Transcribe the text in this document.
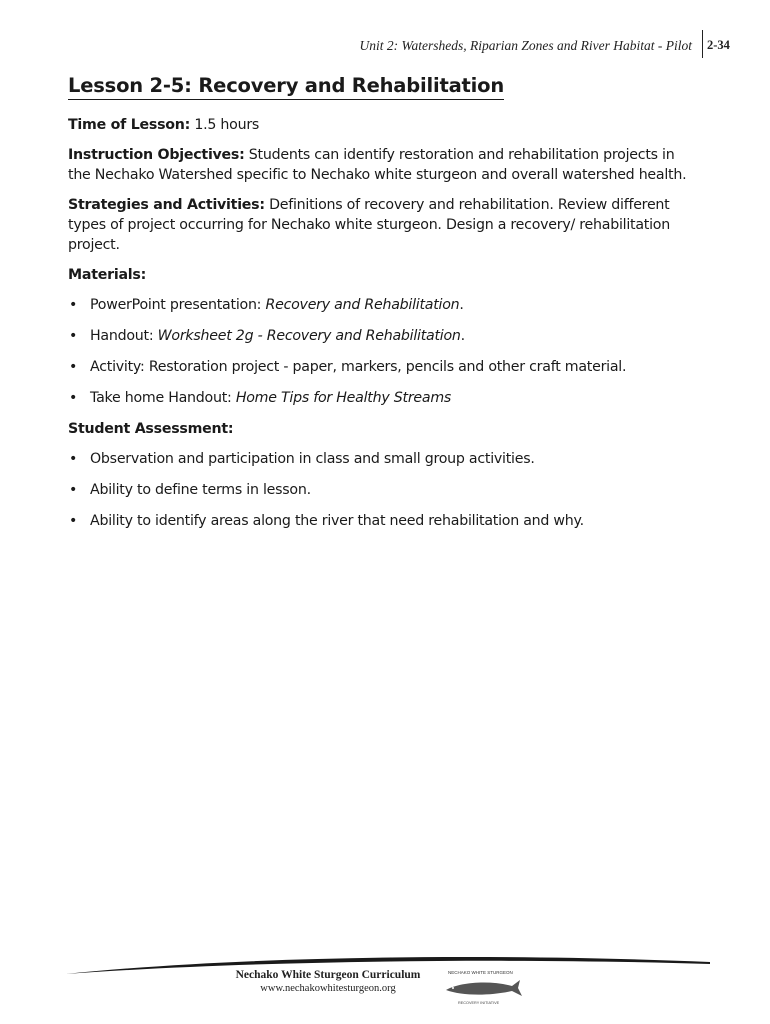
Unit 2: Watersheds, Riparian Zones and River Habitat - Pilot 2-34
Lesson 2-5: Recovery and Rehabilitation

Time of Lesson: 1.5 hours

Instruction Objectives: Students can identify restoration and rehabilitation projects in the Nechako Watershed specific to Nechako white sturgeon and overall watershed health.

Strategies and Activities: Definitions of recovery and rehabilitation. Review different types of project occurring for Nechako white sturgeon. Design a recovery/ rehabilitation project.

Materials:
• PowerPoint presentation: Recovery and Rehabilitation.
• Handout: Worksheet 2g - Recovery and Rehabilitation.
• Activity: Restoration project - paper, markers, pencils and other craft material.
• Take home Handout: Home Tips for Healthy Streams
Student Assessment:
• Observation and participation in class and small group activities.
• Ability to define terms in lesson.
• Ability to identify areas along the river that need rehabilitation and why.
Nechako White Sturgeon Curriculum
www.nechakowhitesturgeon.org
NECHAKO WHITE STURGEON
RECOVERY INITIATIVE
